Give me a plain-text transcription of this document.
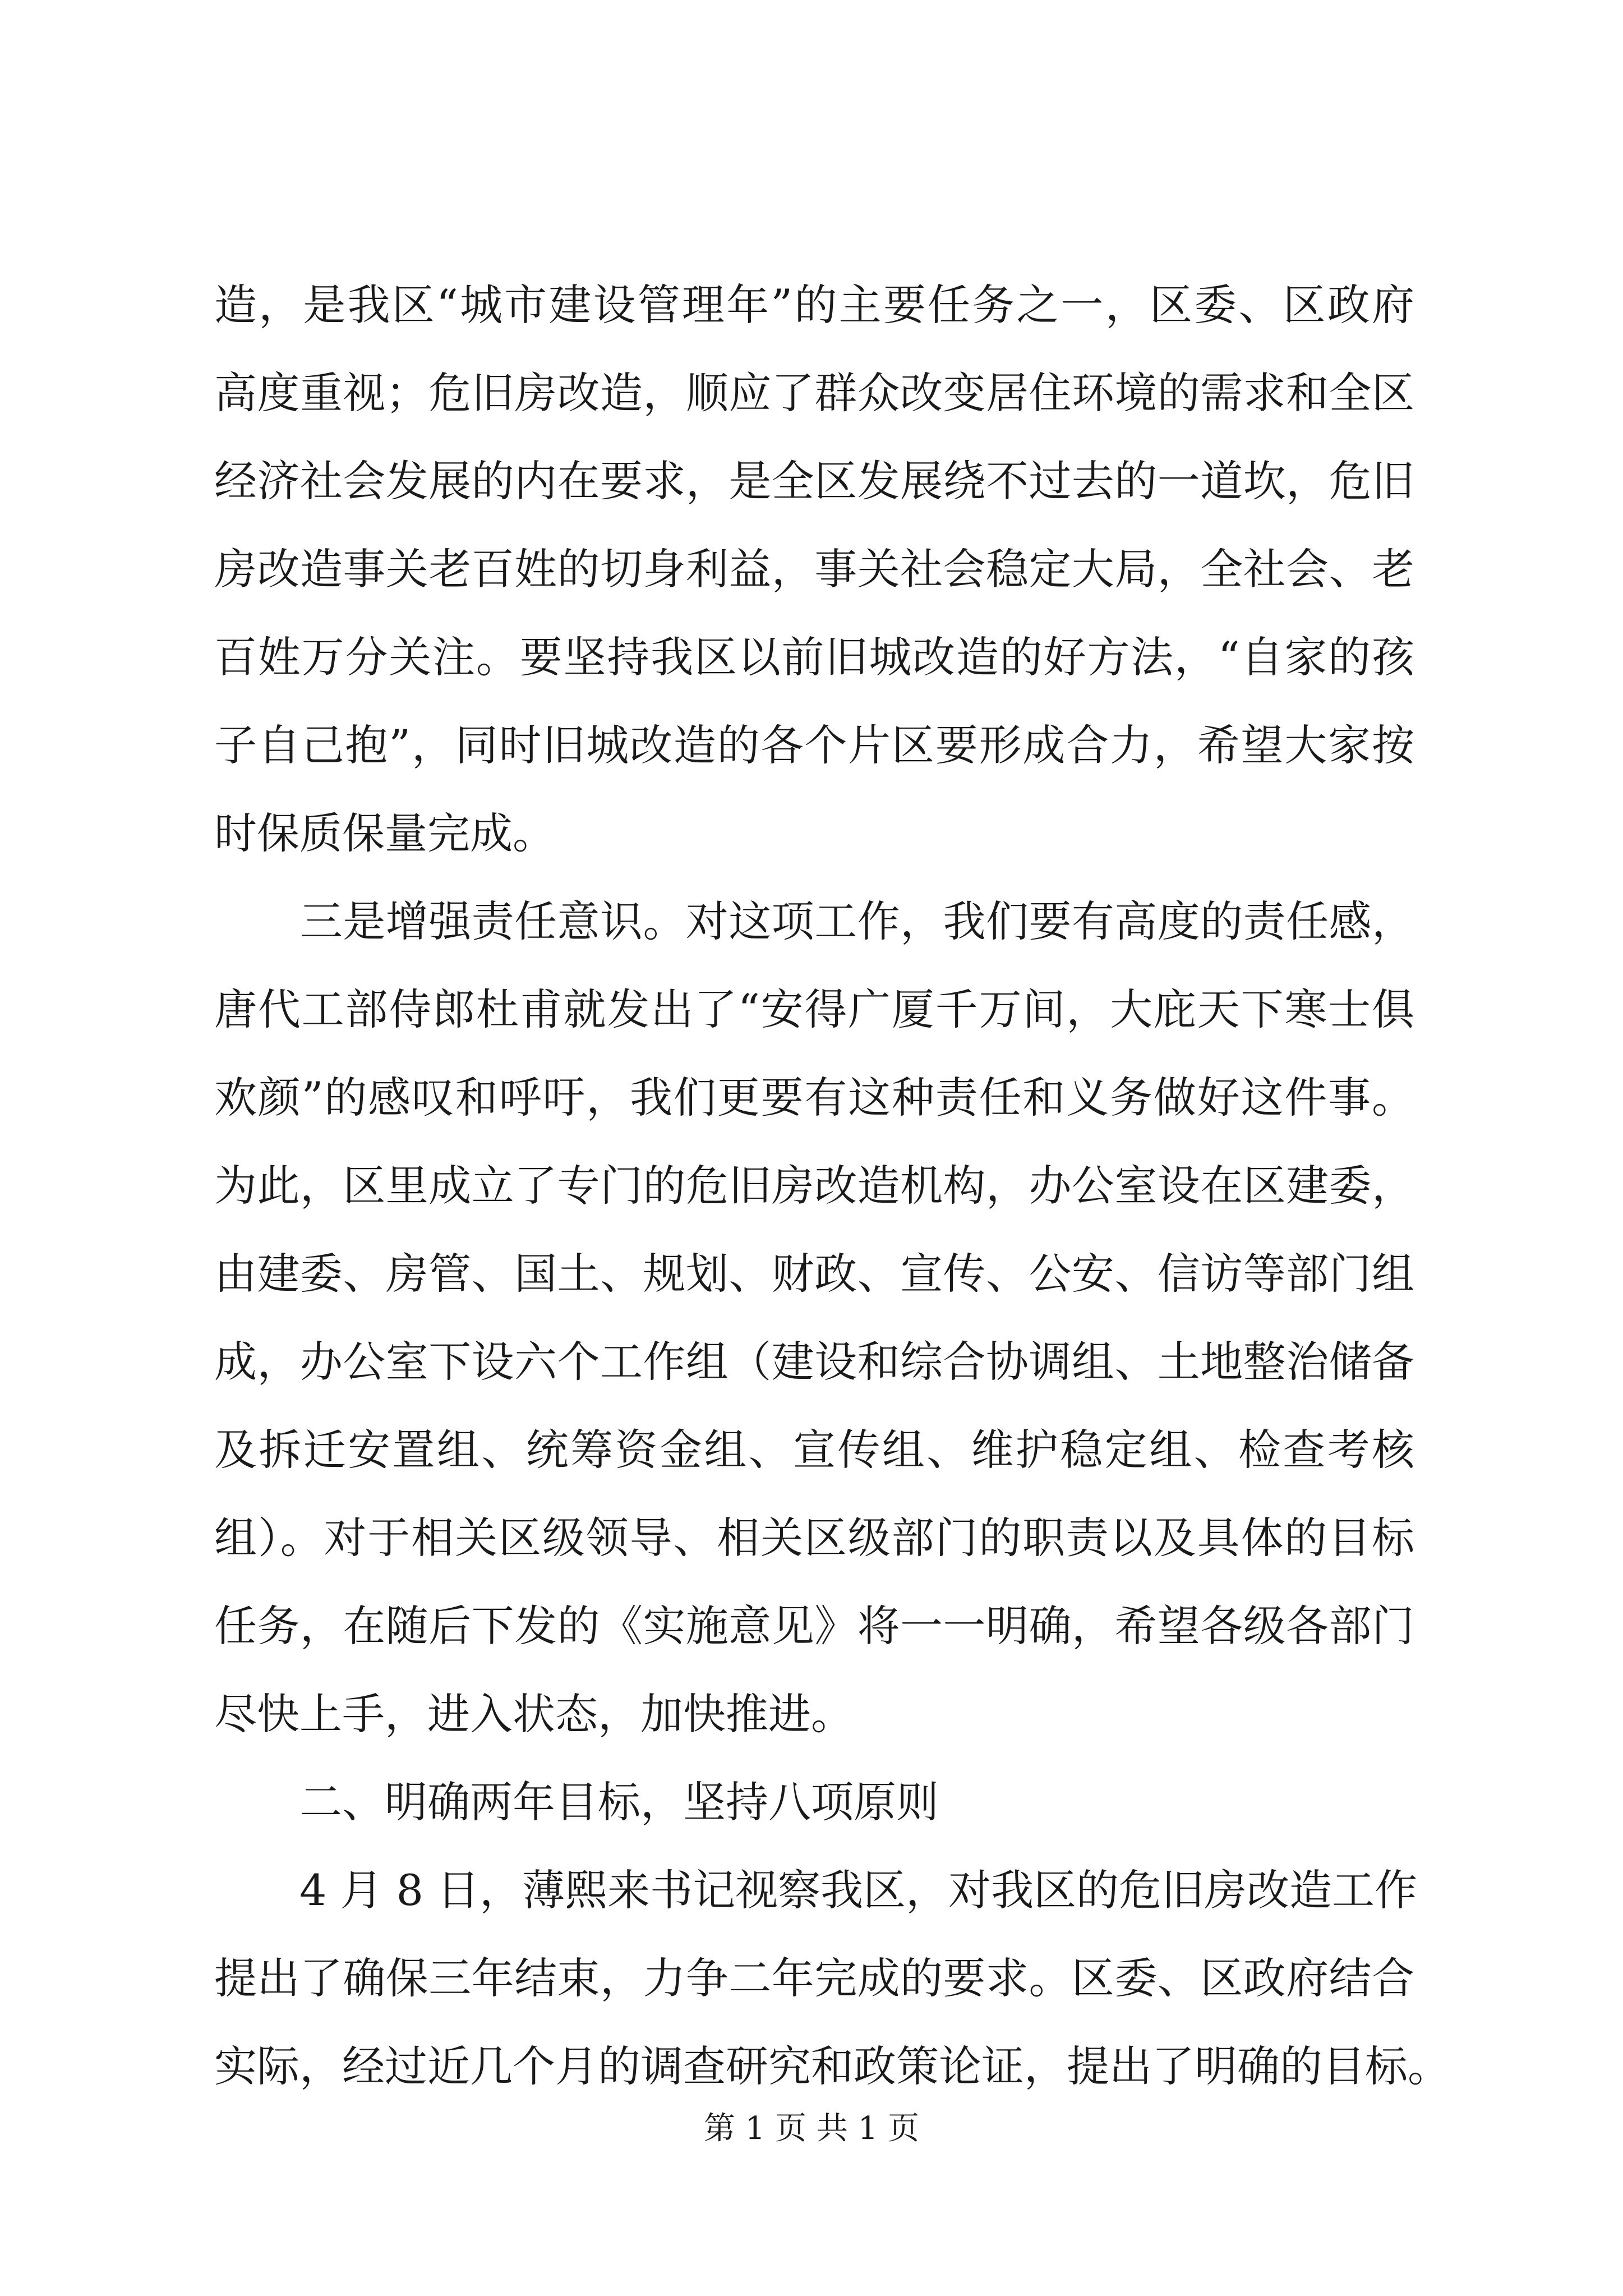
造，是我区“城市建设管理年”的主要任务之一，区委、区政府
高度重视；危旧房改造，顺应了群众改变居住环境的需求和全区
经济社会发展的内在要求，是全区发展绕不过去的一道坎，危旧
房改造事关老百姓的切身利益，事关社会稳定大局，全社会、老
百姓万分关注。要坚持我区以前旧城改造的好方法，“自家的孩
子自己抱”，同时旧城改造的各个片区要形成合力，希望大家按
时保质保量完成。
　　三是增强责任意识。对这项工作，我们要有高度的责任感，
唐代工部侍郎杜甫就发出了“安得广厦千万间，大庇天下寒士俱
欢颜”的感叹和呼吁，我们更要有这种责任和义务做好这件事。
为此，区里成立了专门的危旧房改造机构，办公室设在区建委，
由建委、房管、国土、规划、财政、宣传、公安、信访等部门组
成，办公室下设六个工作组（建设和综合协调组、土地整治储备
及拆迁安置组、统筹资金组、宣传组、维护稳定组、检查考核
组）。对于相关区级领导、相关区级部门的职责以及具体的目标
任务，在随后下发的《实施意见》将一一明确，希望各级各部门
尽快上手，进入状态，加快推进。
　　二、明确两年目标，坚持八项原则
　　4 月 8 日，薄熙来书记视察我区，对我区的危旧房改造工作
提出了确保三年结束，力争二年完成的要求。区委、区政府结合
实际，经过近几个月的调查研究和政策论证，提出了明确的目标。
第 1 页 共 1 页
